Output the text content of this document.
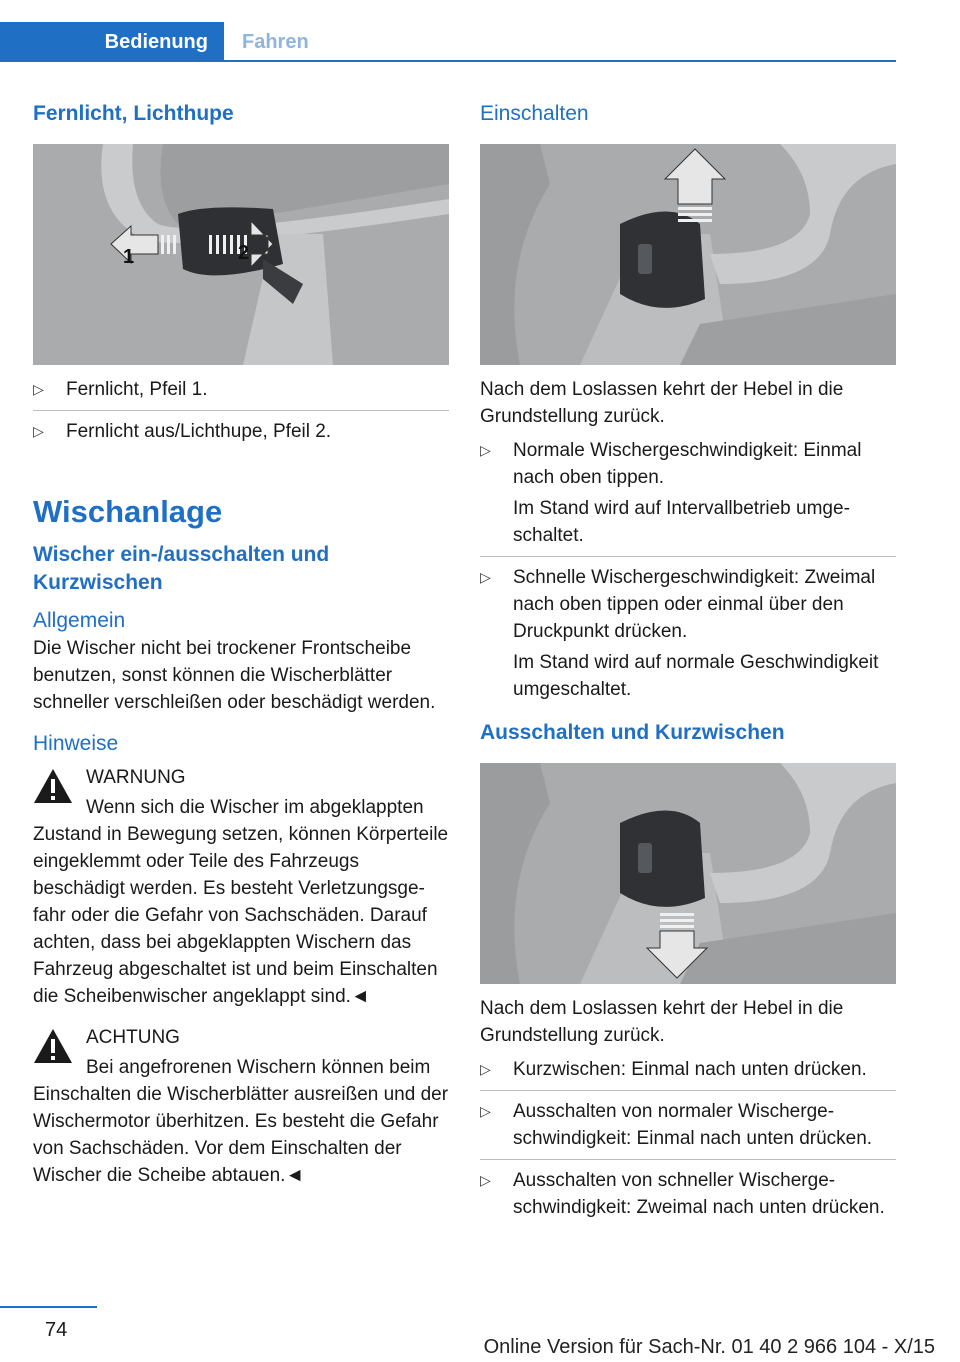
Bedienung	Fahren
Fernlicht, Lichthupe
1	2
▷ Fernlicht, Pfeil 1.
▷ Fernlicht aus/Lichthupe, Pfeil 2.
Wischanlage
Wischer ein-/ausschalten und Kurzwischen
Allgemein

Die Wischer nicht bei trockener Frontscheibe benutzen, sonst können die Wischerblätter schneller verschleißen oder beschädigt werden.

Hinweise

WARNUNG

Wenn sich die Wischer im abgeklappten

Zustand in Bewegung setzen, können Körperteile eingeklemmt oder Teile des Fahrzeugs beschädigt werden. Es besteht Verletzungsgefahr oder die Gefahr von Sachschäden. Darauf achten, dass bei abgeklappten Wischern das Fahrzeug abgeschaltet ist und beim Einschalten die Scheibenwischer angeklappt sind.◄

ACHTUNG

Bei angefrorenen Wischern können beim

Einschalten die Wischerblätter ausreißen und der Wischermotor überhitzen. Es besteht die Gefahr von Sachschäden. Vor dem Einschalten der Wischer die Scheibe abtauen.◄

Einschalten

Nach dem Loslassen kehrt der Hebel in die Grundstellung zurück.

▷ Normale Wischergeschwindigkeit: Einmal nach oben tippen.

Im Stand wird auf Intervallbetrieb umgeschaltet.

▷ Schnelle Wischergeschwindigkeit: Zweimal nach oben tippen oder einmal über den Druckpunkt drücken.

Im Stand wird auf normale Geschwindigkeit umgeschaltet.

Ausschalten und Kurzwischen

Nach dem Loslassen kehrt der Hebel in die Grundstellung zurück.

▷ Kurzwischen: Einmal nach unten drücken.
▷ Ausschalten von normaler Wischergeschwindigkeit: Einmal nach unten drücken.
▷ Ausschalten von schneller Wischergeschwindigkeit: Zweimal nach unten drücken.
74
Online Version für Sach-Nr. 01 40 2 966 104 - X/15
